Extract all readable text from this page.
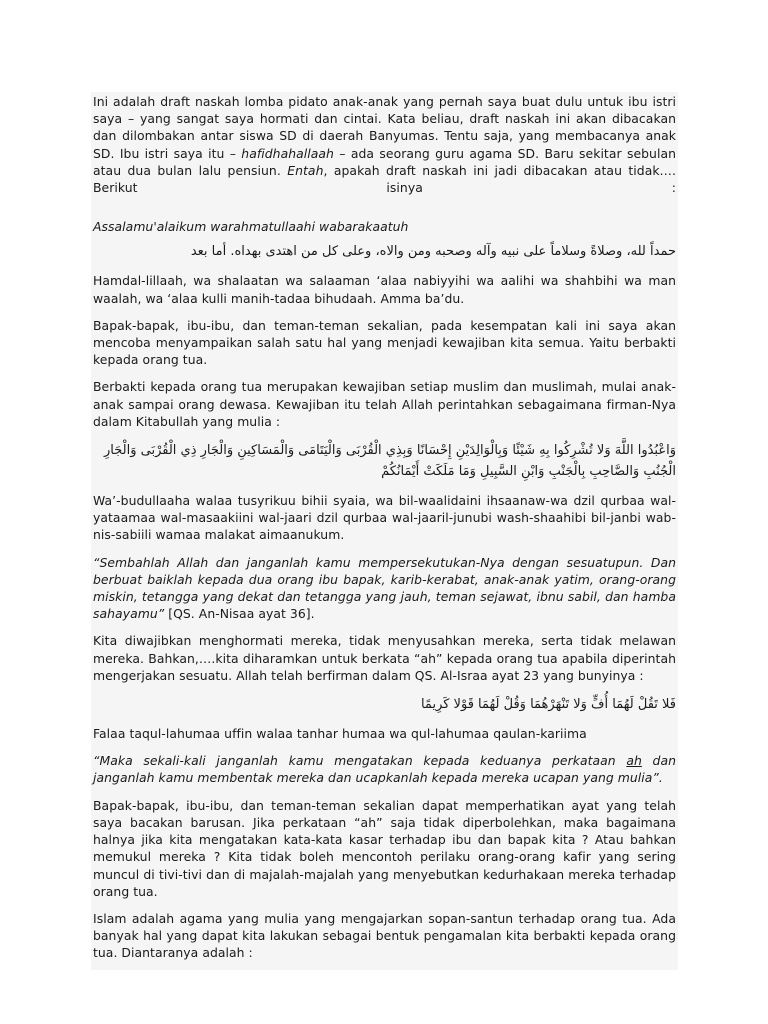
Ini adalah draft naskah lomba pidato anak-anak yang pernah saya buat dulu untuk ibu istri saya – yang sangat saya hormati dan cintai. Kata beliau, draft naskah ini akan dibacakan dan dilombakan antar siswa SD di daerah Banyumas. Tentu saja, yang membacanya anak SD. Ibu istri saya itu – hafidhahallaah – ada seorang guru agama SD. Baru sekitar sebulan atau dua bulan lalu pensiun. Entah, apakah draft naskah ini jadi dibacakan atau tidak…. Berikut isinya :

Assalamu'alaikum warahmatullaahi wabarakaatuh

حمداً لله، وصلاةً وسلاماً على نبيه وآله وصحبه ومن والاه، وعلى كل من اهتدى بهداه. أما بعد

Hamdal-lillaah, wa shalaatan wa salaaman ‘alaa nabiyyihi wa aalihi wa shahbihi wa man waalah, wa ‘alaa kulli manih-tadaa bihudaah. Amma ba’du.

Bapak-bapak, ibu-ibu, dan teman-teman sekalian, pada kesempatan kali ini saya akan mencoba menyampaikan salah satu hal yang menjadi kewajiban kita semua. Yaitu berbakti kepada orang tua.

Berbakti kepada orang tua merupakan kewajiban setiap muslim dan muslimah, mulai anak-anak sampai orang dewasa. Kewajiban itu telah Allah perintahkan sebagaimana firman-Nya dalam Kitabullah yang mulia :

وَاعْبُدُوا اللَّهَ وَلا تُشْرِكُوا بِهِ شَيْئًا وَبِالْوَالِدَيْنِ إِحْسَانًا وَبِذِي الْقُرْبَى وَالْيَتَامَى وَالْمَسَاكِينِ وَالْجَارِ ذِي الْقُرْبَى وَالْجَارِ الْجُنُبِ وَالصَّاحِبِ بِالْجَنْبِ وَابْنِ السَّبِيلِ وَمَا مَلَكَتْ أَيْمَانُكُمْ

Wa’-budullaaha walaa tusyrikuu bihii syaia, wa bil-waalidaini ihsaanaw-wa dzil qurbaa wal-yataamaa wal-masaakiini wal-jaari dzil qurbaa wal-jaaril-junubi wash-shaahibi bil-janbi wab-nis-sabiili wamaa malakat aimaanukum.

“Sembahlah Allah dan janganlah kamu mempersekutukan-Nya dengan sesuatupun. Dan berbuat baiklah kepada dua orang ibu bapak, karib-kerabat, anak-anak yatim, orang-orang miskin, tetangga yang dekat dan tetangga yang jauh, teman sejawat, ibnu sabil, dan hamba sahayamu” [QS. An-Nisaa ayat 36].

Kita diwajibkan menghormati mereka, tidak menyusahkan mereka, serta tidak melawan mereka. Bahkan,….kita diharamkan untuk berkata “ah” kepada orang tua apabila diperintah mengerjakan sesuatu. Allah telah berfirman dalam QS. Al-Israa ayat 23 yang bunyinya :

فَلا تَقُلْ لَهُمَا أُفٍّ وَلا تَنْهَرْهُمَا وَقُلْ لَهُمَا قَوْلا كَرِيمًا

Falaa taqul-lahumaa uffin walaa tanhar humaa wa qul-lahumaa qaulan-kariima

“Maka sekali-kali janganlah kamu mengatakan kepada keduanya perkataan ah dan janganlah kamu membentak mereka dan ucapkanlah kepada mereka ucapan yang mulia”.

Bapak-bapak, ibu-ibu, dan teman-teman sekalian dapat memperhatikan ayat yang telah saya bacakan barusan. Jika perkataan “ah” saja tidak diperbolehkan, maka bagaimana halnya jika kita mengatakan kata-kata kasar terhadap ibu dan bapak kita ? Atau bahkan memukul mereka ? Kita tidak boleh mencontoh perilaku orang-orang kafir yang sering muncul di tivi-tivi dan di majalah-majalah yang menyebutkan kedurhakaan mereka terhadap orang tua.

Islam adalah agama yang mulia yang mengajarkan sopan-santun terhadap orang tua. Ada banyak hal yang dapat kita lakukan sebagai bentuk pengamalan kita berbakti kepada orang tua. Diantaranya adalah :
